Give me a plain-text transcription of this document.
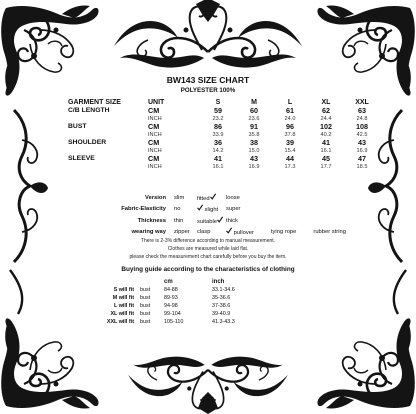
BW143 SIZE CHART
POLYESTER 100%
GARMENT SIZE	UNIT	S	M	L	XL	XXL
C/B LENGTH	CM	59	60	61	62	63
	INCH	23.2	23.6	24.0	24.4	24.8
BUST	CM	86	91	96	102	108
	INCH	33.9	35.8	37.8	40.2	42.5
SHOULDER	CM	36	38	39	41	43
	INCH	14.2	15.0	15.4	16.1	16.9
SLEEVE	CM	41	43	44	45	47
	INCH	16.1	16.9	17.3	17.7	18.5
Version	slim	fitted	loose		
Fabric-Elasticity	no	slight	super		
Thickness	thin	suitable	thick		
wearing way	zipper	clasp	pullover	tying rope	rubber string
There is 2-3% difference according to manual measurement.
Clothes are measured while laid flat.
please check the measurement chart carefully before you buy the item.
Buying guide according to the characteristics of clothing
		cm	inch
S will fit	bust	84-88	33.1-34.6
M will fit	bust	89-93	35-36.6
L will fit	bust	94-98	37-38.6
XL will fit	bust	99-104	39-40.9
XXL will fit	bust	105-110	41.3-43.3
